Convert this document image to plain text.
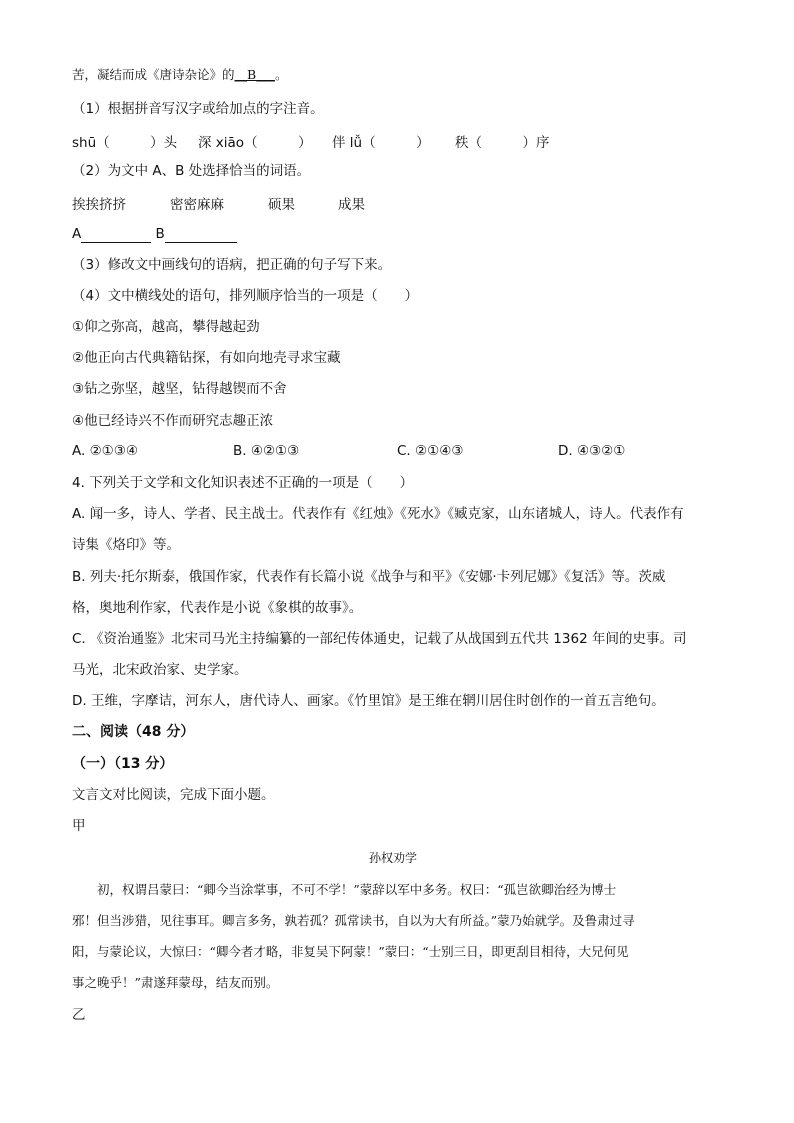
苦，凝结而成《唐诗杂论》的__B___。
（1）根据拼音写汉字或给加点的字注音。
shū（　　　）头 深 xiāo（　　　） 伴 lǚ（　　　） 秩（　　　）序
（2）为文中 A、B 处选择恰当的词语。
挨挨挤挤	密密麻麻	硕果	成果
A	B
（3）修改文中画线句的语病，把正确的句子写下来。
（4）文中横线处的语句，排列顺序恰当的一项是（　　）
①仰之弥高，越高，攀得越起劲
②他正向古代典籍钻探，有如向地壳寻求宝藏
③钻之弥坚，越坚，钻得越锲而不舍
④他已经诗兴不作而研究志趣正浓
A. ②①③④	B. ④②①③	C. ②①④③	D. ④③②①
4. 下列关于文学和文化知识表述不正确的一项是（　　）
A. 闻一多，诗人、学者、民主战士。代表作有《红烛》《死水》《臧克家，山东诸城人，诗人。代表作有
诗集《烙印》等。
B. 列夫·托尔斯泰，俄国作家，代表作有长篇小说《战争与和平》《安娜·卡列尼娜》《复活》等。茨威
格，奥地利作家，代表作是小说《象棋的故事》。
C. 《资治通鉴》北宋司马光主持编纂的一部纪传体通史，记载了从战国到五代共 1362 年间的史事。司
马光，北宋政治家、史学家。
D. 王维，字摩诘，河东人，唐代诗人、画家。《竹里馆》是王维在辋川居住时创作的一首五言绝句。
二、阅读（48 分）
（一）（13 分）
文言文对比阅读，完成下面小题。
甲
孙权劝学
　　初，权谓吕蒙曰：“卿今当涂掌事，不可不学！”蒙辞以军中多务。权曰：“孤岂欲卿治经为博士
邪！但当涉猎，见往事耳。卿言多务，孰若孤？孤常读书，自以为大有所益。”蒙乃始就学。及鲁肃过寻
阳，与蒙论议，大惊曰：“卿今者才略，非复吴下阿蒙！”蒙曰：“士别三日，即更刮目相待，大兄何见
事之晚乎！”肃遂拜蒙母，结友而别。
乙
